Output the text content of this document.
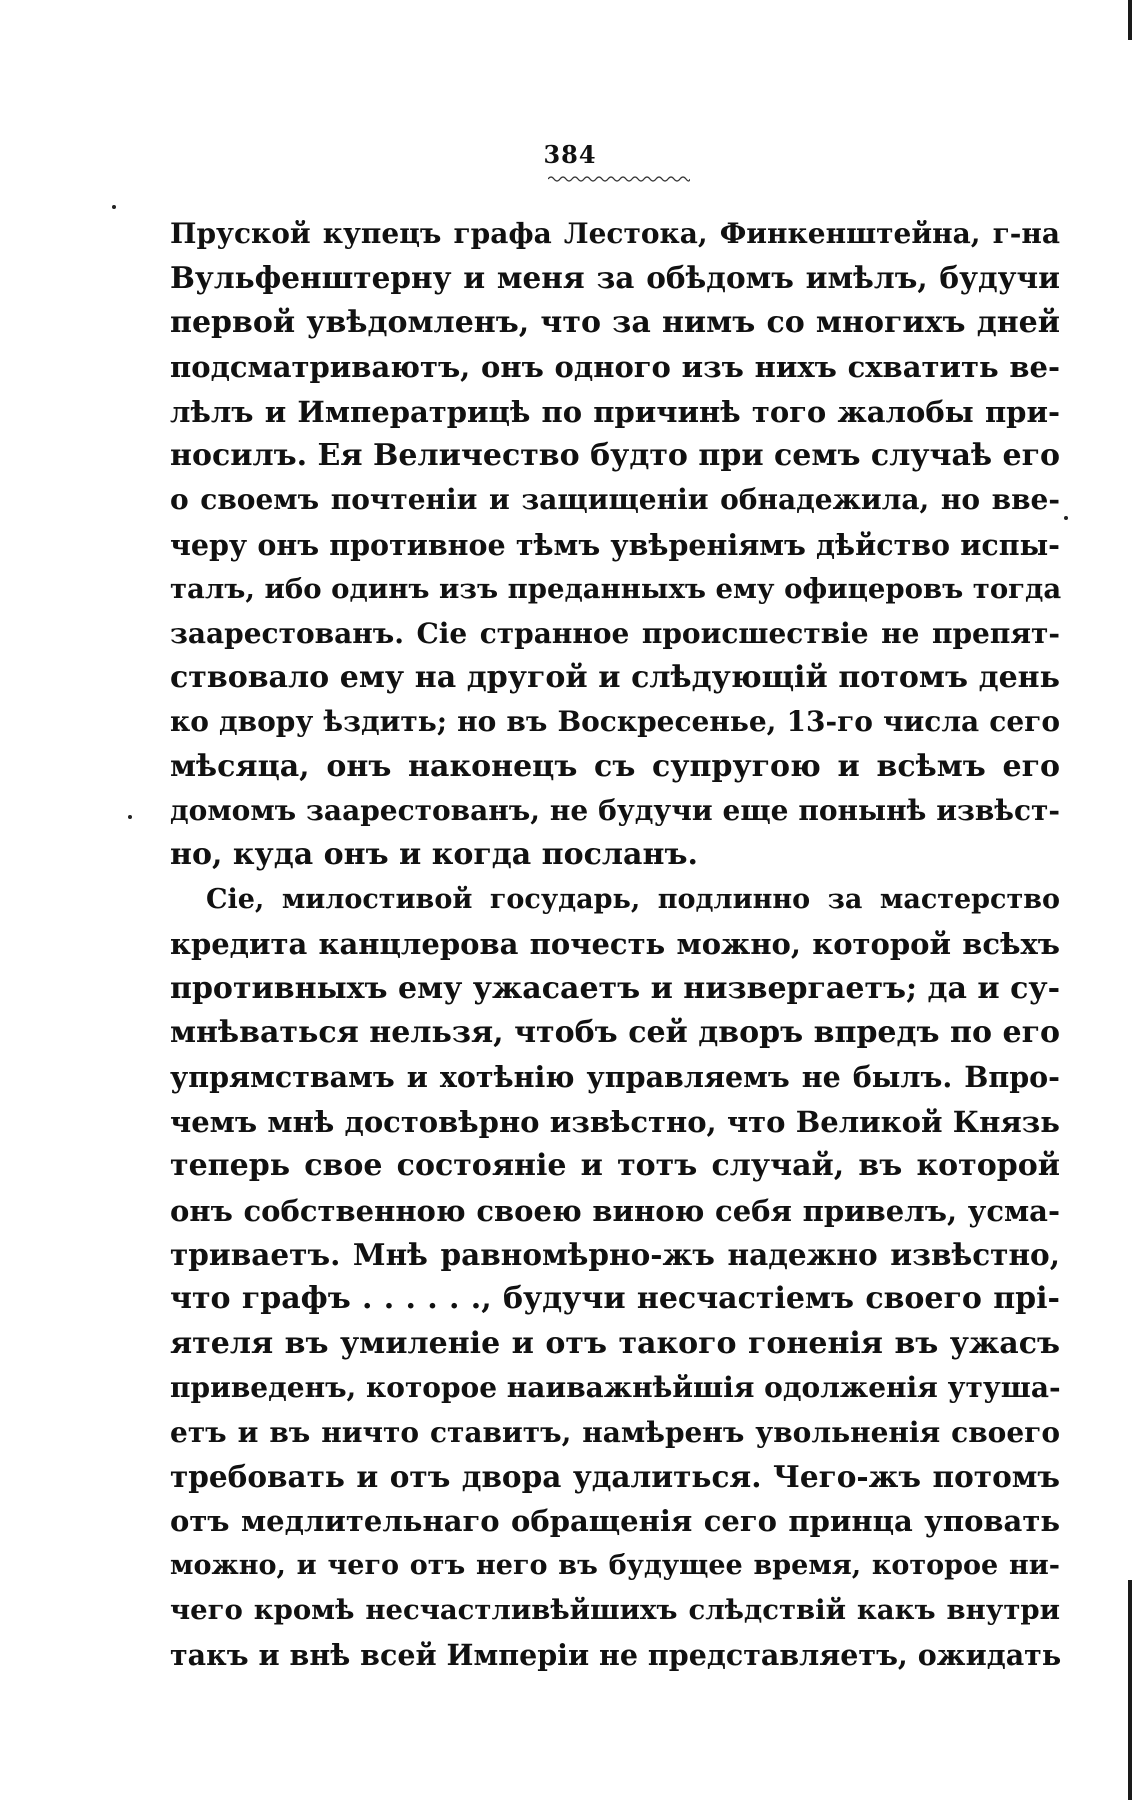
384
Пруской купецъ графа Лестока, Финкенштейна, г-на
Вульфенштерну и меня за обѣдомъ имѣлъ, будучи
первой увѣдомленъ, что за нимъ со многихъ дней
подсматриваютъ, онъ одного изъ нихъ схватить ве-
лѣлъ и Императрицѣ по причинѣ того жалобы при-
носилъ. Ея Величество будто при семъ случаѣ его
о своемъ почтеніи и защищеніи обнадежила, но вве-
черу онъ противное тѣмъ увѣреніямъ дѣйство испы-
талъ, ибо одинъ изъ преданныхъ ему офицеровъ тогда
заарестованъ. Сіе странное происшествіе не препят-
ствовало ему на другой и слѣдующій потомъ день
ко двору ѣздить; но въ Воскресенье, 13-го числа сего
мѣсяца, онъ наконецъ съ супругою и всѣмъ его
домомъ заарестованъ, не будучи еще понынѣ извѣст-
но, куда онъ и когда посланъ.
Сіе, милостивой государь, подлинно за мастерство
кредита канцлерова почесть можно, которой всѣхъ
противныхъ ему ужасаетъ и низвергаетъ; да и су-
мнѣваться нельзя, чтобъ сей дворъ впредъ по его
упрямствамъ и хотѣнію управляемъ не былъ. Впро-
чемъ мнѣ достовѣрно извѣстно, что Великой Князь
теперь свое состояніе и тотъ случай, въ которой
онъ собственною своею виною себя привелъ, усма-
триваетъ. Мнѣ равномѣрно-жъ надежно извѣстно,
что графъ . . . . . ., будучи несчастіемъ своего прі-
ятеля въ умиленіе и отъ такого гоненія въ ужасъ
приведенъ, которое наиважнѣйшія одолженія утуша-
етъ и въ ничто ставитъ, намѣренъ увольненія своего
требовать и отъ двора удалиться. Чего-жъ потомъ
отъ медлительнаго обращенія сего принца уповать
можно, и чего отъ него въ будущее время, которое ни-
чего кромѣ несчастливѣйшихъ слѣдствій какъ внутри
такъ и внѣ всей Имперіи не представляетъ, ожидать
